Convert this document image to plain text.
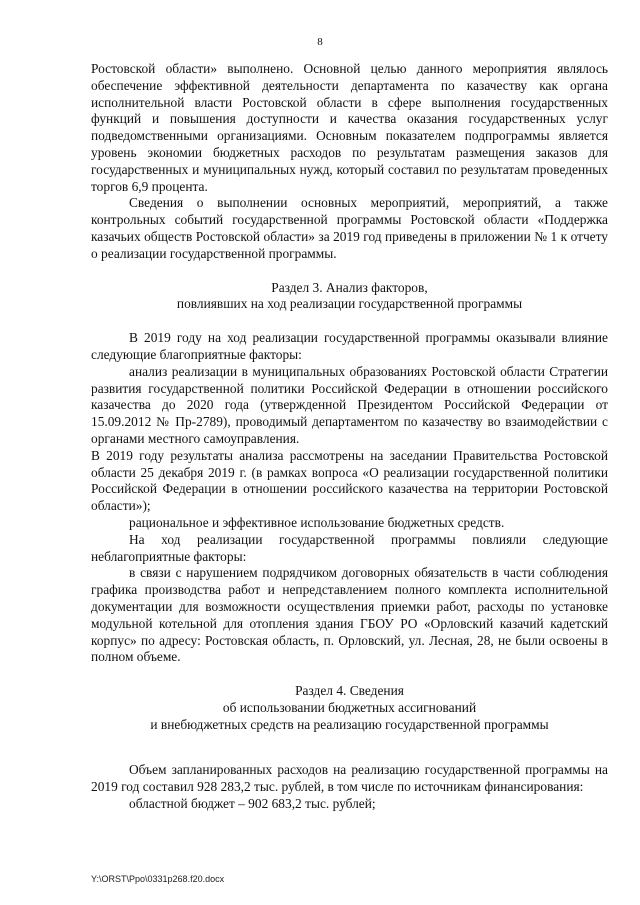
8

Ростовской области» выполнено. Основной целью данного мероприятия являлось обеспечение эффективной деятельности департамента по казачеству как органа исполнительной власти Ростовской области в сфере выполнения государственных функций и повышения доступности и качества оказания государственных услуг подведомственными организациями. Основным показателем подпрограммы является уровень экономии бюджетных расходов по результатам размещения заказов для государственных и муниципальных нужд, который составил по результатам проведенных торгов 6,9 процента.

Сведения о выполнении основных мероприятий, мероприятий, а также контрольных событий государственной программы Ростовской области «Поддержка казачьих обществ Ростовской области» за 2019 год приведены в приложении № 1 к отчету о реализации государственной программы.

Раздел 3. Анализ факторов,
повлиявших на ход реализации государственной программы

В 2019 году на ход реализации государственной программы оказывали влияние следующие благоприятные факторы:

анализ реализации в муниципальных образованиях Ростовской области Стратегии развития государственной политики Российской Федерации в отношении российского казачества до 2020 года (утвержденной Президентом Российской Федерации от 15.09.2012 № Пр-2789), проводимый департаментом по казачеству во взаимодействии с органами местного самоуправления.

В 2019 году результаты анализа рассмотрены на заседании Правительства Ростовской области 25 декабря 2019 г. (в рамках вопроса «О реализации государственной политики Российской Федерации в отношении российского казачества на территории Ростовской области»);

рациональное и эффективное использование бюджетных средств.

На ход реализации государственной программы повлияли следующие неблагоприятные факторы:

в связи с нарушением подрядчиком договорных обязательств в части соблюдения графика производства работ и непредставлением полного комплекта исполнительной документации для возможности осуществления приемки работ, расходы по установке модульной котельной для отопления здания ГБОУ РО «Орловский казачий кадетский корпус» по адресу: Ростовская область, п. Орловский, ул. Лесная, 28, не были освоены в полном объеме.

Раздел 4. Сведения
об использовании бюджетных ассигнований
и внебюджетных средств на реализацию государственной программы

Объем запланированных расходов на реализацию государственной программы на 2019 год составил 928 283,2 тыс. рублей, в том числе по источникам финансирования:

областной бюджет – 902 683,2 тыс. рублей;

Y:\ORST\Ppo\0331p268.f20.docx
